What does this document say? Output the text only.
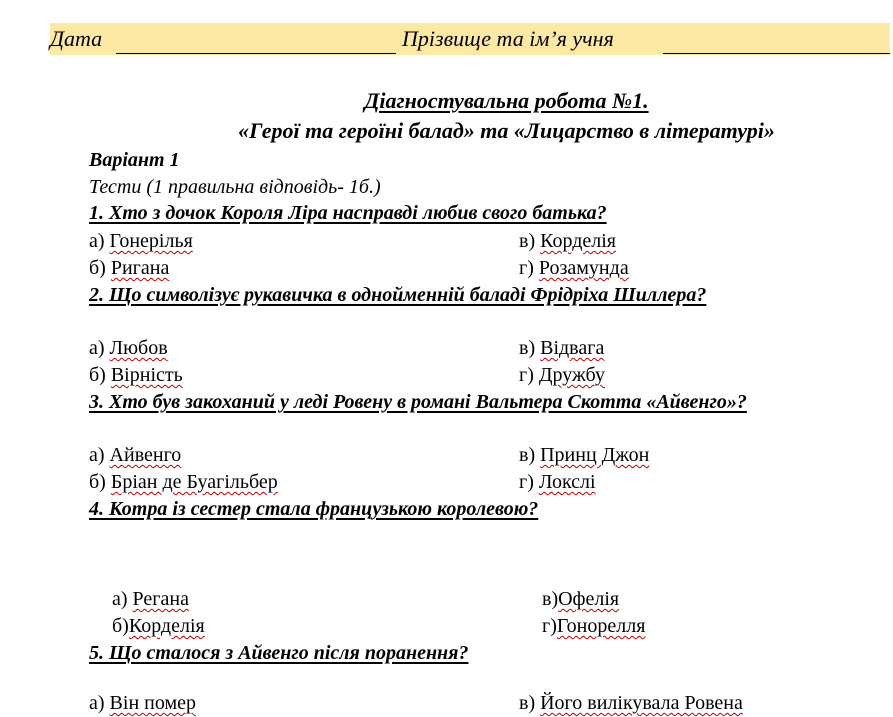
Дата	Прізвище та ім’я учня
Діагностувальна робота №1.
«Герої та героїні балад» та «Лицарство в літературі»
Варіант 1
Тести (1 правильна відповідь- 1б.)
1. Хто з дочок Короля Ліра насправді любив свого батька?
а) Гонерілья	в) Корделія
б) Ригана	г) Розамунда
2. Що символізує рукавичка в однойменній баладі Фрідріха Шиллера?
а) Любов	в) Відвага
б) Вірність	г) Дружбу
3. Хто був закоханий у леді Ровену в романі Вальтера Скотта «Айвенго»?
а) Айвенго	в) Принц Джон
б) Бріан де Буагільбер	г) Локслі
4. Котра із сестер стала французькою королевою?
а) Регана	в)Офелія
б)Корделія	г)Гонорелля
5. Що сталося з Айвенго після поранення?
а) Він помер	в) Його вилікувала Ровена
